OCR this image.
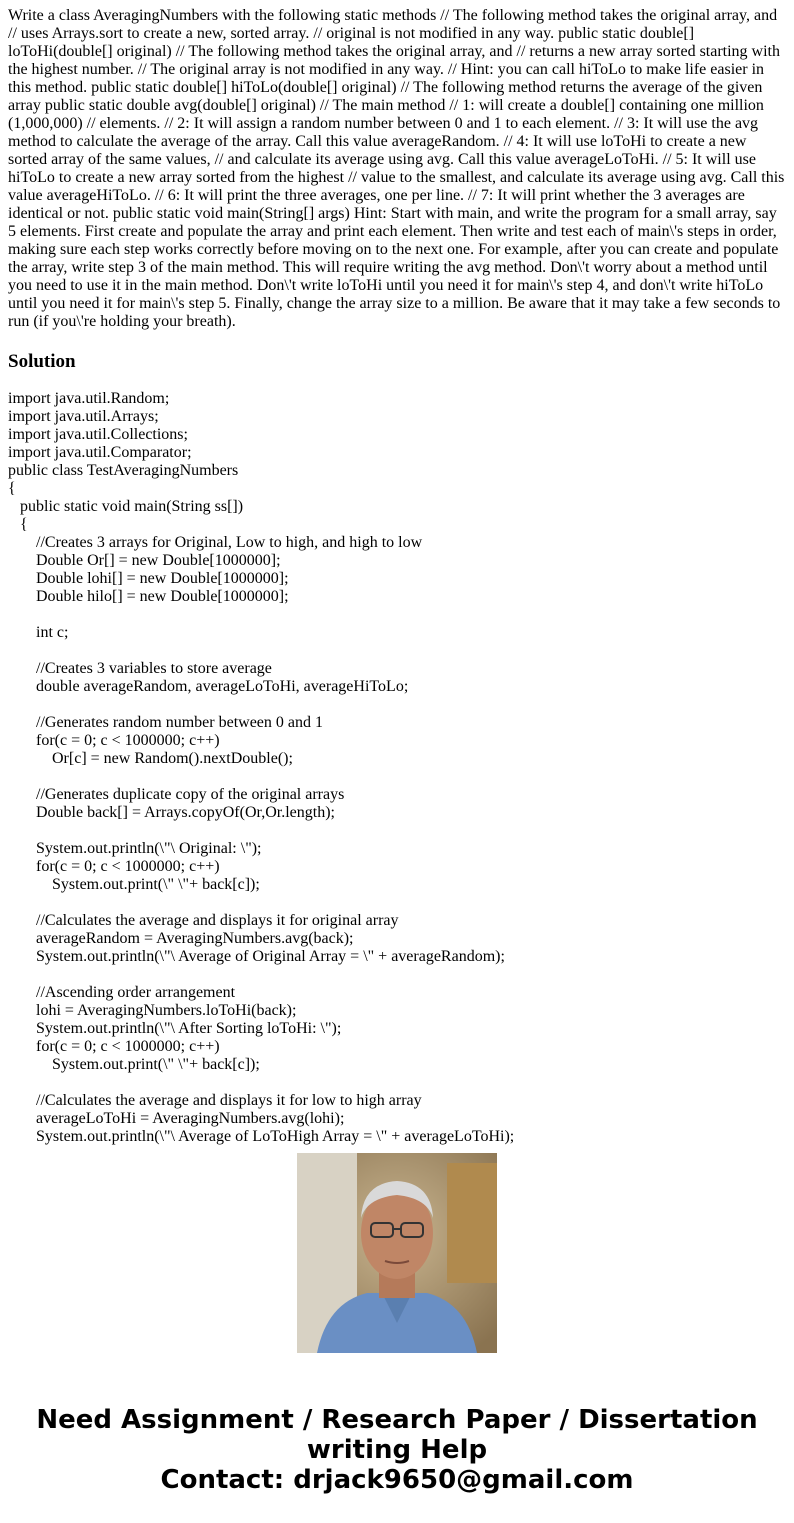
Write a class AveragingNumbers with the following static methods // The following method takes the original array, and // uses Arrays.sort to create a new, sorted array. // original is not modified in any way. public static double[] loToHi(double[] original) // The following method takes the original array, and // returns a new array sorted starting with the highest number. // The original array is not modified in any way. // Hint: you can call hiToLo to make life easier in this method. public static double[] hiToLo(double[] original) // The following method returns the average of the given array public static double avg(double[] original) // The main method // 1: will create a double[] containing one million (1,000,000) // elements. // 2: It will assign a random number between 0 and 1 to each element. // 3: It will use the avg method to calculate the average of the array. Call this value averageRandom. // 4: It will use loToHi to create a new sorted array of the same values, // and calculate its average using avg. Call this value averageLoToHi. // 5: It will use hiToLo to create a new array sorted from the highest // value to the smallest, and calculate its average using avg. Call this value averageHiToLo. // 6: It will print the three averages, one per line. // 7: It will print whether the 3 averages are identical or not. public static void main(String[] args) Hint: Start with main, and write the program for a small array, say 5 elements. First create and populate the array and print each element. Then write and test each of main\'s steps in order, making sure each step works correctly before moving on to the next one. For example, after you can create and populate the array, write step 3 of the main method. This will require writing the avg method. Don\'t worry about a method until you need to use it in the main method. Don\'t write loToHi until you need it for main\'s step 4, and don\'t write hiToLo until you need it for main\'s step 5. Finally, change the array size to a million. Be aware that it may take a few seconds to run (if you\'re holding your breath).

Solution
import java.util.Random;
import java.util.Arrays;
import java.util.Collections;
import java.util.Comparator;
public class TestAveragingNumbers
{
public static void main(String ss[])
{
//Creates 3 arrays for Original, Low to high, and high to low
Double Or[] = new Double[1000000];
Double lohi[] = new Double[1000000];
Double hilo[] = new Double[1000000];
int c;
//Creates 3 variables to store average
double averageRandom, averageLoToHi, averageHiToLo;
//Generates random number between 0 and 1
for(c = 0; c < 1000000; c++)
Or[c] = new Random().nextDouble();
//Generates duplicate copy of the original arrays
Double back[] = Arrays.copyOf(Or,Or.length);
System.out.println(\"\ Original: \");
for(c = 0; c < 1000000; c++)
System.out.print(\" \"+ back[c]);
//Calculates the average and displays it for original array
averageRandom = AveragingNumbers.avg(back);
System.out.println(\"\ Average of Original Array = \" + averageRandom);
//Ascending order arrangement
lohi = AveragingNumbers.loToHi(back);
System.out.println(\"\ After Sorting loToHi: \");
for(c = 0; c < 1000000; c++)
System.out.print(\" \"+ back[c]);
//Calculates the average and displays it for low to high array
averageLoToHi = AveragingNumbers.avg(lohi);
System.out.println(\"\ Average of LoToHigh Array = \" + averageLoToHi);
Need Assignment / Research Paper / Dissertation
writing Help
Contact: drjack9650@gmail.com
